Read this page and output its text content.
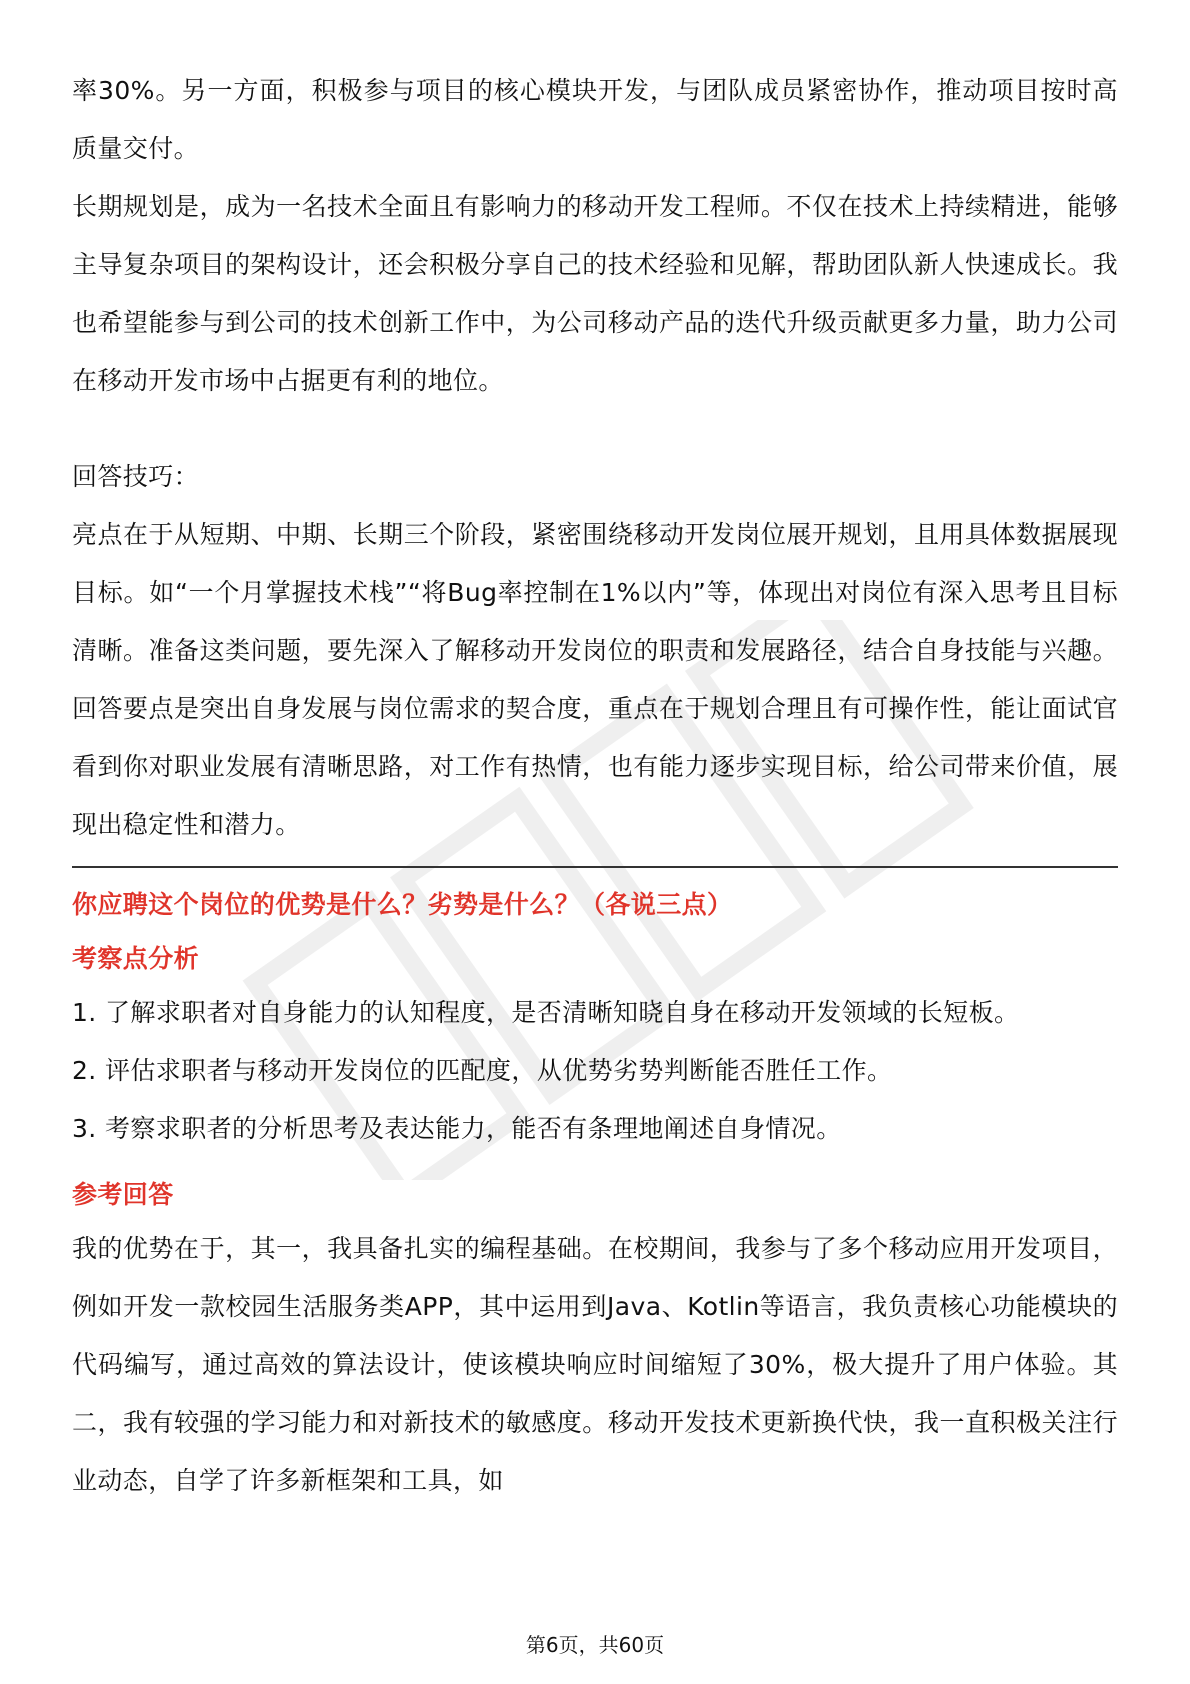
率30%。另一方面，积极参与项目的核心模块开发，与团队成员紧密协作，推动项目按时高质量交付。

长期规划是，成为一名技术全面且有影响力的移动开发工程师。不仅在技术上持续精进，能够主导复杂项目的架构设计，还会积极分享自己的技术经验和见解，帮助团队新人快速成长。我也希望能参与到公司的技术创新工作中，为公司移动产品的迭代升级贡献更多力量，助力公司在移动开发市场中占据更有利的地位。

回答技巧：

亮点在于从短期、中期、长期三个阶段，紧密围绕移动开发岗位展开规划，且用具体数据展现目标。如“一个月掌握技术栈”“将Bug率控制在1%以内”等，体现出对岗位有深入思考且目标清晰。准备这类问题，要先深入了解移动开发岗位的职责和发展路径，结合自身技能与兴趣。回答要点是突出自身发展与岗位需求的契合度，重点在于规划合理且有可操作性，能让面试官看到你对职业发展有清晰思路，对工作有热情，也有能力逐步实现目标，给公司带来价值，展现出稳定性和潜力。

你应聘这个岗位的优势是什么？劣势是什么？（各说三点）

考察点分析

1. 了解求职者对自身能力的认知程度，是否清晰知晓自身在移动开发领域的长短板。

2. 评估求职者与移动开发岗位的匹配度，从优势劣势判断能否胜任工作。

3. 考察求职者的分析思考及表达能力，能否有条理地阐述自身情况。

参考回答

我的优势在于，其一，我具备扎实的编程基础。在校期间，我参与了多个移动应用开发项目，例如开发一款校园生活服务类APP，其中运用到Java、Kotlin等语言，我负责核心功能模块的代码编写，通过高效的算法设计，使该模块响应时间缩短了30%，极大提升了用户体验。其二，我有较强的学习能力和对新技术的敏感度。移动开发技术更新换代快，我一直积极关注行业动态，自学了许多新框架和工具，如

第6页，共60页
